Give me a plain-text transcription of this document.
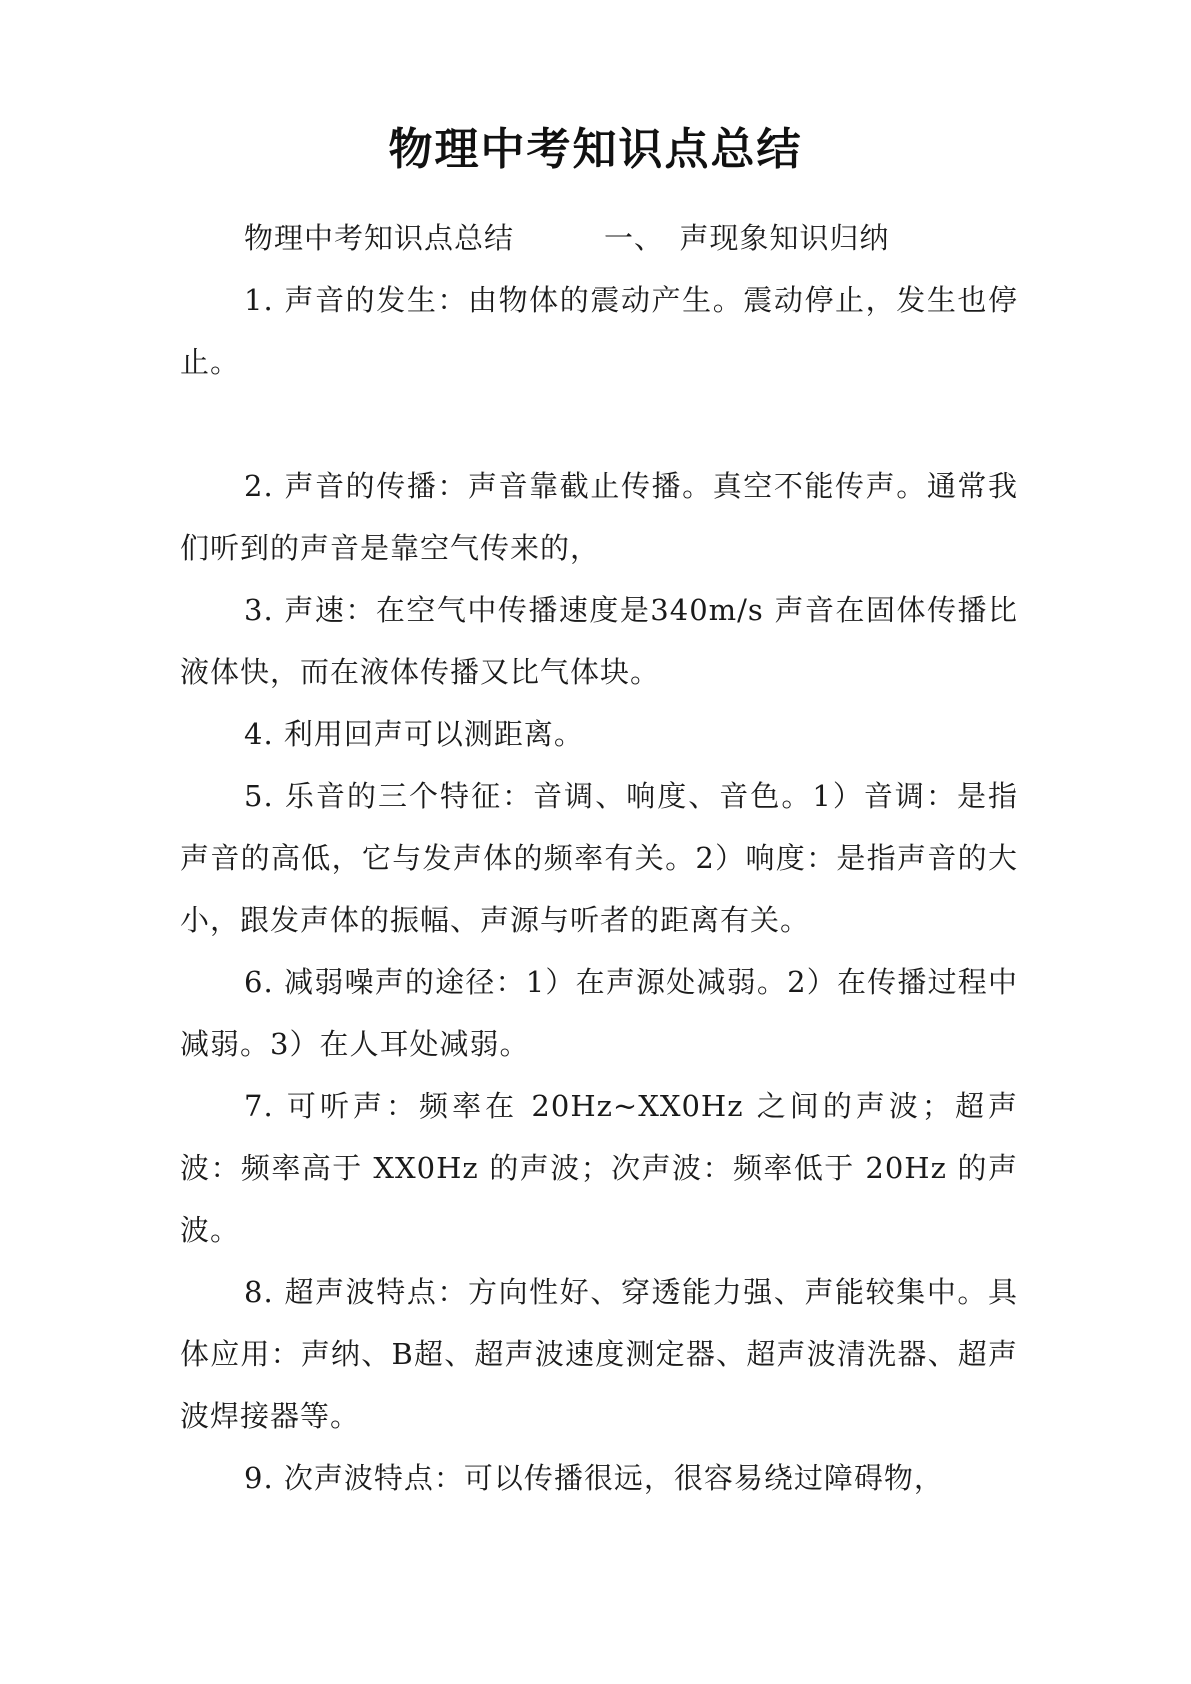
物理中考知识点总结

物理中考知识点总结　　　一、　声现象知识归纳

1. 声音的发生：由物体的震动产生。震动停止，发生也停止。

2. 声音的传播：声音靠截止传播。真空不能传声。通常我们听到的声音是靠空气传来的，

3. 声速：在空气中传播速度是340m/s 声音在固体传播比液体快，而在液体传播又比气体块。

4. 利用回声可以测距离。

5. 乐音的三个特征：音调、响度、音色。1）音调：是指声音的高低，它与发声体的频率有关。2）响度：是指声音的大小，跟发声体的振幅、声源与听者的距离有关。

6. 减弱噪声的途径：1）在声源处减弱。2）在传播过程中减弱。3）在人耳处减弱。

7. 可听声：频率在 20Hz~XX0Hz 之间的声波；超声波：频率高于 XX0Hz 的声波；次声波：频率低于 20Hz 的声波。

8. 超声波特点：方向性好、穿透能力强、声能较集中。具体应用：声纳、B超、超声波速度测定器、超声波清洗器、超声波焊接器等。

9. 次声波特点：可以传播很远，很容易绕过障碍物，
